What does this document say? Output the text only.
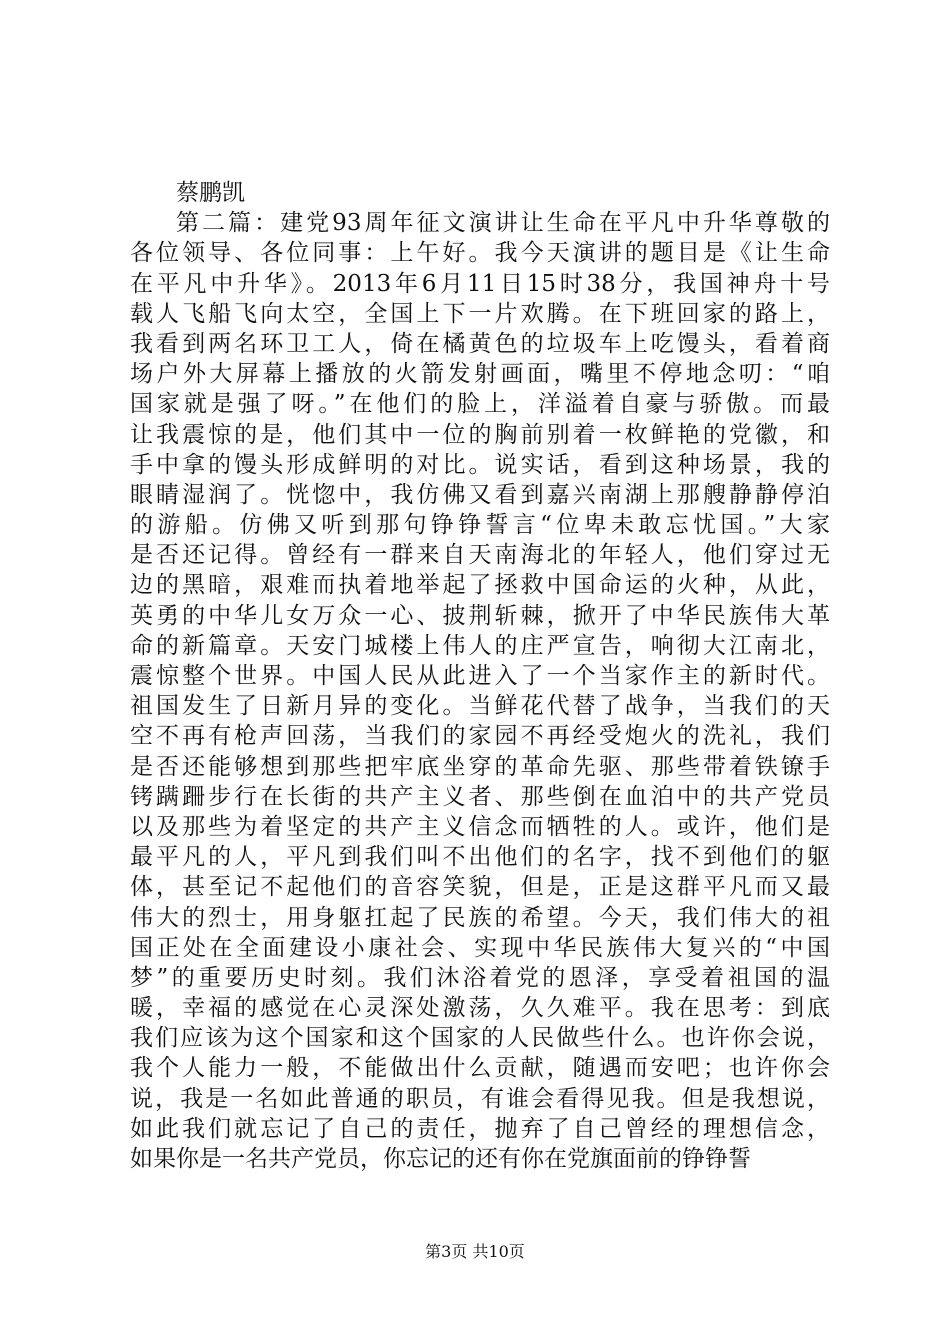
蔡鹏凯
第二篇：建党93周年征文演讲让生命在平凡中升华尊敬的
各位领导、各位同事：上午好。我今天演讲的题目是《让生命
在平凡中升华》。2013年6月11日15时38分，我国神舟十号
载人飞船飞向太空，全国上下一片欢腾。在下班回家的路上，
我看到两名环卫工人，倚在橘黄色的垃圾车上吃馒头，看着商
场户外大屏幕上播放的火箭发射画面，嘴里不停地念叨：“咱
国家就是强了呀。”在他们的脸上，洋溢着自豪与骄傲。而最
让我震惊的是，他们其中一位的胸前别着一枚鲜艳的党徽，和
手中拿的馒头形成鲜明的对比。说实话，看到这种场景，我的
眼睛湿润了。恍惚中，我仿佛又看到嘉兴南湖上那艘静静停泊
的游船。仿佛又听到那句铮铮誓言“位卑未敢忘忧国。”大家
是否还记得。曾经有一群来自天南海北的年轻人，他们穿过无
边的黑暗，艰难而执着地举起了拯救中国命运的火种，从此，
英勇的中华儿女万众一心、披荆斩棘，掀开了中华民族伟大革
命的新篇章。天安门城楼上伟人的庄严宣告，响彻大江南北，
震惊整个世界。中国人民从此进入了一个当家作主的新时代。
祖国发生了日新月异的变化。当鲜花代替了战争，当我们的天
空不再有枪声回荡，当我们的家园不再经受炮火的洗礼，我们
是否还能够想到那些把牢底坐穿的革命先驱、那些带着铁镣手
铐蹒跚步行在长街的共产主义者、那些倒在血泊中的共产党员
以及那些为着坚定的共产主义信念而牺牲的人。或许，他们是
最平凡的人，平凡到我们叫不出他们的名字，找不到他们的躯
体，甚至记不起他们的音容笑貌，但是，正是这群平凡而又最
伟大的烈士，用身躯扛起了民族的希望。今天，我们伟大的祖
国正处在全面建设小康社会、实现中华民族伟大复兴的“中国
梦”的重要历史时刻。我们沐浴着党的恩泽，享受着祖国的温
暖，幸福的感觉在心灵深处激荡，久久难平。我在思考：到底
我们应该为这个国家和这个国家的人民做些什么。也许你会说，
我个人能力一般，不能做出什么贡献，随遇而安吧；也许你会
说，我是一名如此普通的职员，有谁会看得见我。但是我想说，
如此我们就忘记了自己的责任，抛弃了自己曾经的理想信念，
如果你是一名共产党员，你忘记的还有你在党旗面前的铮铮誓
第3页 共10页
